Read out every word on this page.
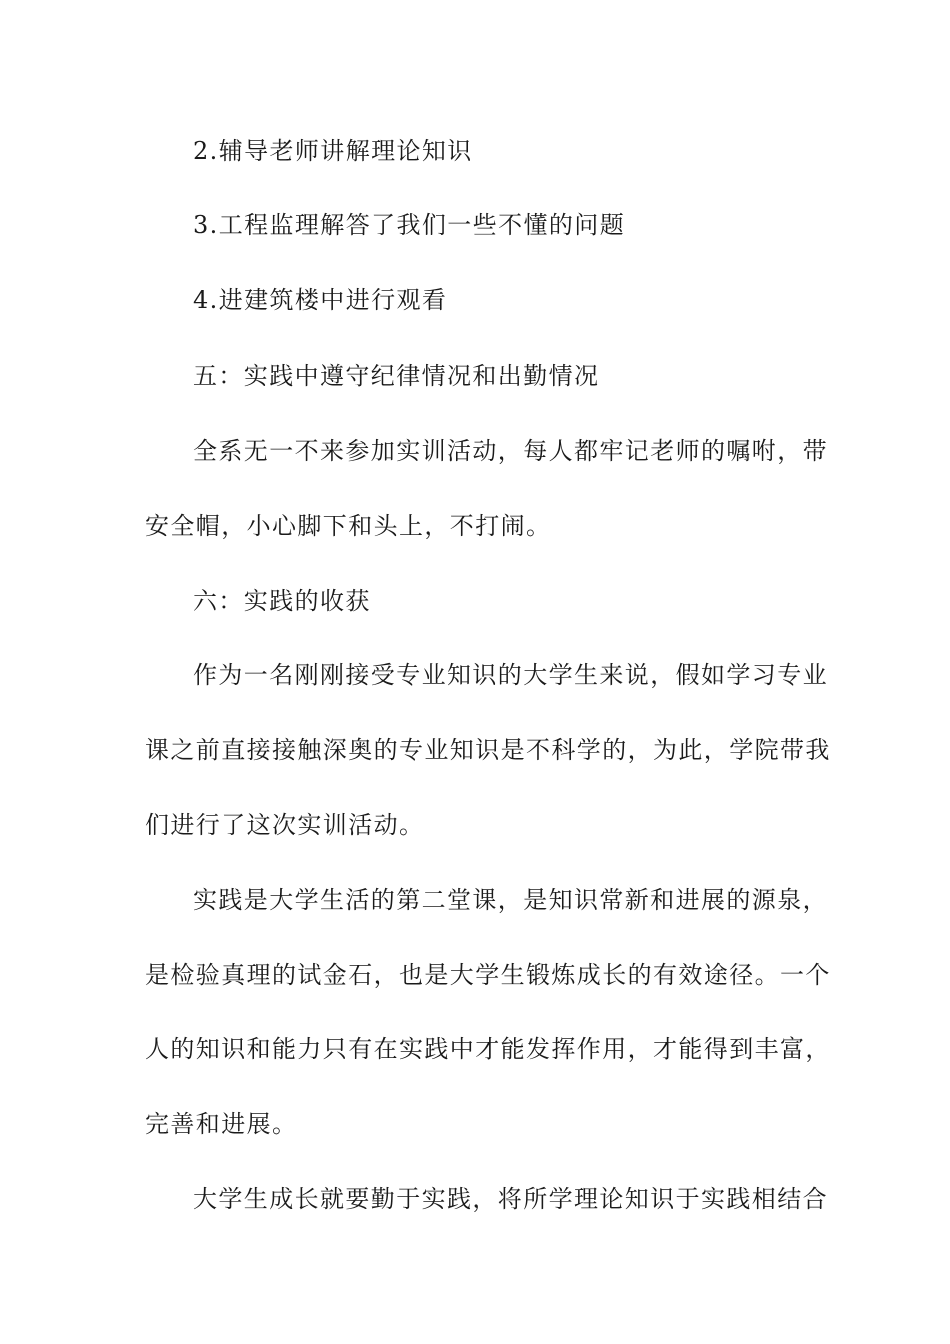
2.辅导老师讲解理论知识
3.工程监理解答了我们一些不懂的问题
4.进建筑楼中进行观看
五：实践中遵守纪律情况和出勤情况
全系无一不来参加实训活动，每人都牢记老师的嘱咐，带
安全帽，小心脚下和头上，不打闹。
六：实践的收获
作为一名刚刚接受专业知识的大学生来说，假如学习专业
课之前直接接触深奥的专业知识是不科学的，为此，学院带我
们进行了这次实训活动。
实践是大学生活的第二堂课，是知识常新和进展的源泉，
是检验真理的试金石，也是大学生锻炼成长的有效途径。一个
人的知识和能力只有在实践中才能发挥作用，才能得到丰富，
完善和进展。
大学生成长就要勤于实践，将所学理论知识于实践相结合
